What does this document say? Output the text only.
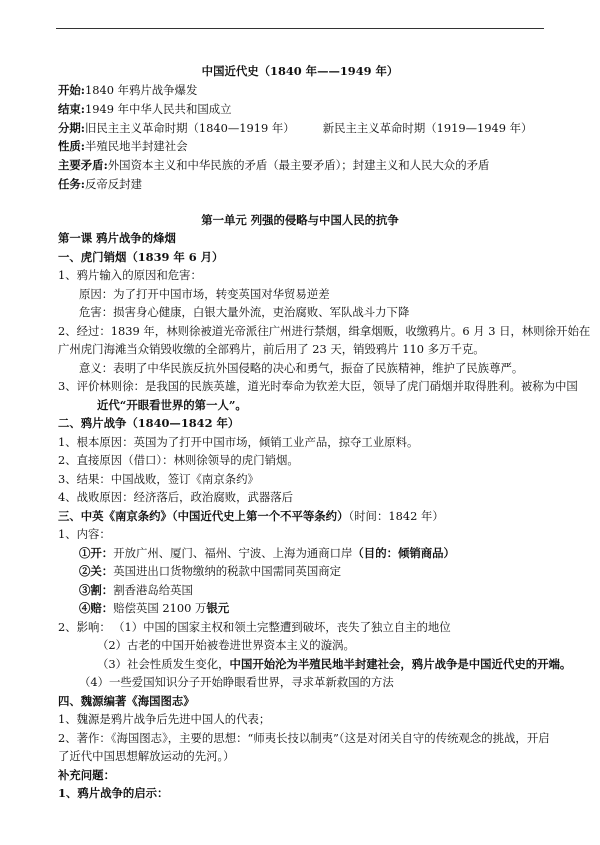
中国近代史（1840 年——1949 年）
开始:1840 年鸦片战争爆发
结束:1949 年中华人民共和国成立
分期:旧民主主义革命时期（1840—1919 年） 新民主主义革命时期（1919—1949 年）
性质:半殖民地半封建社会
主要矛盾:外国资本主义和中华民族的矛盾（最主要矛盾）；封建主义和人民大众的矛盾
任务:反帝反封建
第一单元 列强的侵略与中国人民的抗争
第一课 鸦片战争的烽烟
一、虎门销烟（1839 年 6 月）
1、鸦片输入的原因和危害：
原因：为了打开中国市场，转变英国对华贸易逆差
危害：损害身心健康，白银大量外流，吏治腐败、军队战斗力下降
2、经过：1839 年，林则徐被道光帝派往广州进行禁烟，缉拿烟贩，收缴鸦片。6 月 3 日，林则徐开始在
广州虎门海滩当众销毁收缴的全部鸦片，前后用了 23 天，销毁鸦片 110 多万千克。
意义：表明了中华民族反抗外国侵略的决心和勇气，振奋了民族精神，维护了民族尊严。
3、评价林则徐：是我国的民族英雄，道光时奉命为钦差大臣，领导了虎门硝烟并取得胜利。被称为中国
近代“开眼看世界的第一人”。
二、鸦片战争（1840—1842 年）
1、根本原因：英国为了打开中国市场，倾销工业产品，掠夺工业原料。
2、直接原因（借口）：林则徐领导的虎门销烟。
3、结果：中国战败，签订《南京条约》
4、战败原因：经济落后，政治腐败，武器落后
三、中英《南京条约》（中国近代史上第一个不平等条约）（时间：1842 年）
1、内容：
①开：开放广州、厦门、福州、宁波、上海为通商口岸（目的：倾销商品）
②关：英国进出口货物缴纳的税款中国需同英国商定
③割：割香港岛给英国
④赔：赔偿英国 2100 万银元
2、影响： （1）中国的国家主权和领土完整遭到破坏，丧失了独立自主的地位
（2）古老的中国开始被卷进世界资本主义的漩涡。
（3）社会性质发生变化，中国开始沦为半殖民地半封建社会，鸦片战争是中国近代史的开端。
（4）一些爱国知识分子开始睁眼看世界，寻求革新救国的方法
四、魏源编著《海国图志》
1、魏源是鸦片战争后先进中国人的代表；
2、著作：《海国图志》，主要的思想：“师夷长技以制夷”（这是对闭关自守的传统观念的挑战，开启
了近代中国思想解放运动的先河。）
补充问题：
1、鸦片战争的启示：
